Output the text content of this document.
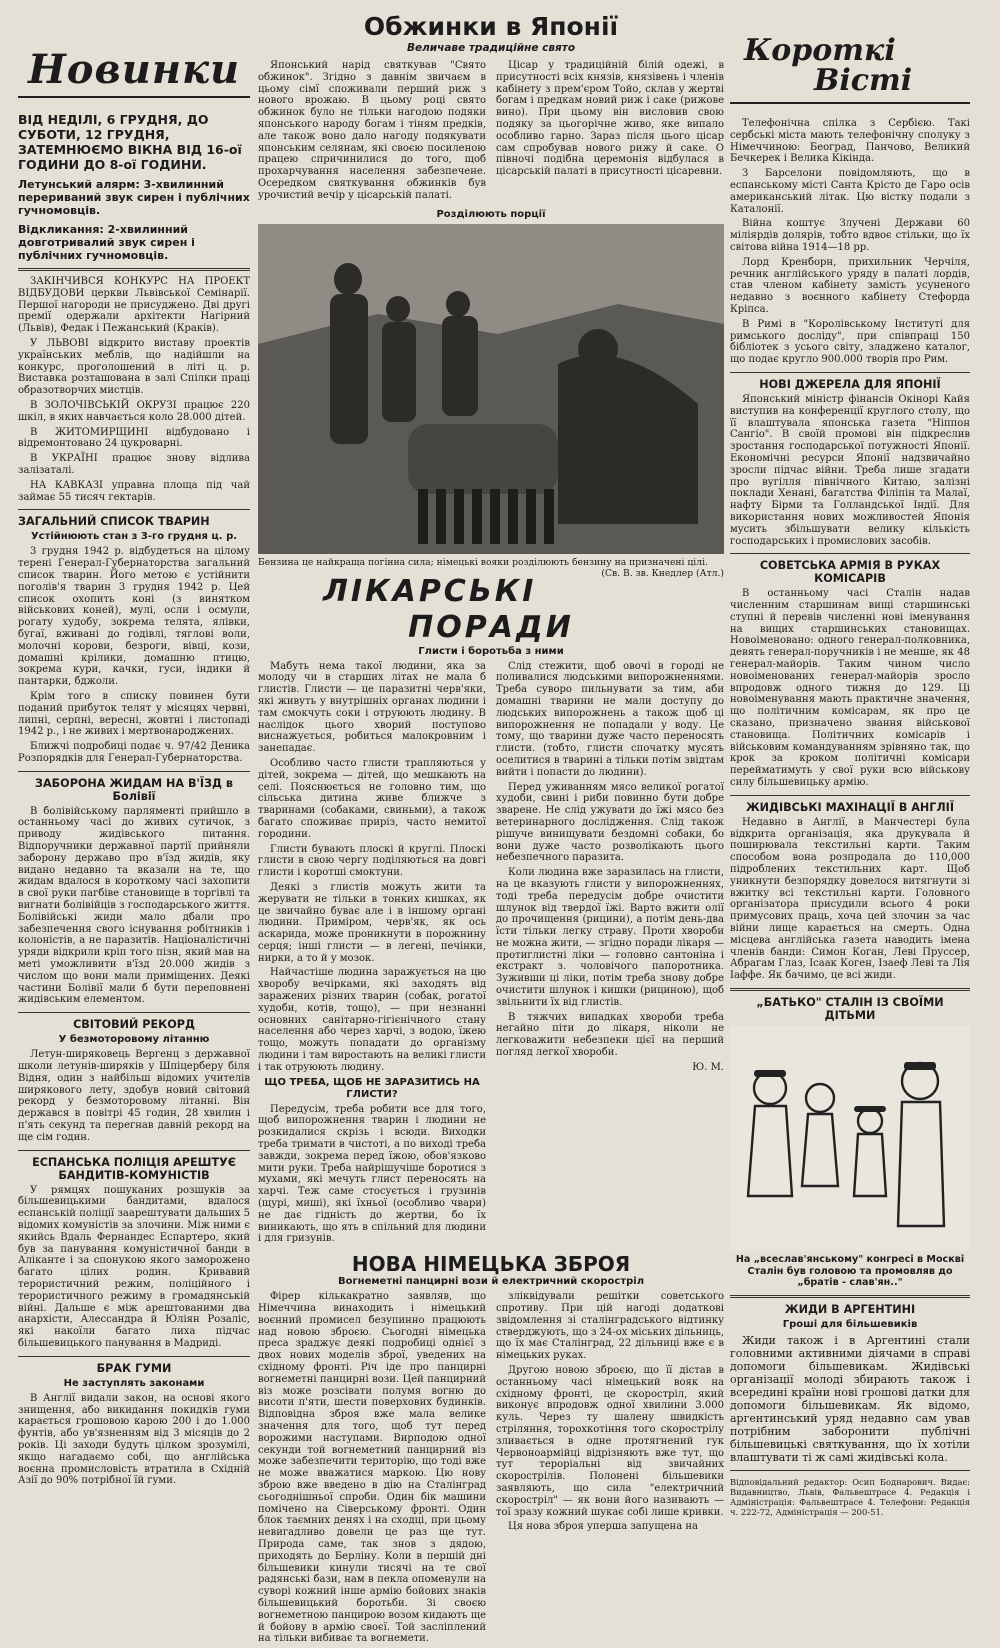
Новинки
ВІД НЕДІЛІ, 6 ГРУДНЯ, ДО СУБОТИ, 12 ГРУДНЯ, ЗАТЕМНЮЄМО ВІКНА ВІД 16-ої ГОДИНИ ДО 8-ої ГОДИНИ.
Летунський алярм: 3-хвилинний перериваний звук сирен і публічних гучномовців.
Відкликання: 2-хвилинний довготривалий звук сирен і публічних гучномовців.

ЗАКІНЧИВСЯ КОНКУРС НА ПРОЕКТ ВІДБУДОВИ церкви Львівської Семінарії. Першої нагороди не присуджено. Дві другі премії одержали архітекти Нагірний (Львів), Федак і Пежанський (Краків).

У ЛЬВОВІ відкрито виставу проектів українських меблів, що надійшли на конкурс, проголошений в літі ц. р. Виставка розташована в залі Спілки праці образотворчих мистців.

В ЗОЛОЧІВСЬКІЙ ОКРУЗІ працює 220 шкіл, в яких навчається коло 28.000 дітей.

В ЖИТОМИРЩИНІ відбудовано і відремонтовано 24 цукроварні.

В УКРАЇНІ працює знову відлива залізаталі.

НА КАВКАЗІ управна площа під чай займає 55 тисяч гектарів.

ЗАГАЛЬНИЙ СПИСОК ТВАРИН
Устійнюють стан з 3-го грудня ц. р.

3 грудня 1942 р. відбудеться на цілому терені Генерал-Губернаторства загальний список тварин. Його метою є устійнити поголів'я тварин 3 грудня 1942 р. Цей список охопить коні (з винятком військових коней), мулі, осли і осмули, рогату худобу, зокрема телята, ялівки, бугаї, вживані до годівлі, тяглові воли, молочні корови, безроги, вівці, кози, домашні крілики, домашню птицю, зокрема кури, качки, гуси, індики й пантарки, бджоли.

Крім того в списку повинен бути поданий прибуток телят у місяцях червні, липні, серпні, вересні, жовтні і листопаді 1942 р., і не живих і мертвонароджених.

Ближчі подробиці подає ч. 97/42 Деника Розпорядків для Генерал-Губернаторства.

ЗАБОРОНА ЖИДАМ НА В'ЇЗД в Болівії

В болівійському парляменті прийшло в останньому часі до живих сутичок, з приводу жидівського питання. Відпоручники державної партії прийняли заборону державо про в'їзд жидів, яку видано недавно та вказали на те, що жидам вдалося в короткому часі захопити в свої руки пагбіве становище в торгівлі та вигнати болівійців з господарського життя. Болівійські жиди мало дбали про забезпечення свого існування робітників і колоністів, а не паразитів. Націоналістичні уряди відкрили кріп того пізн, який мав на меті уможливити в'їзд 20.000 жидів з числом що вони мали приміщених. Деякі частини Болівії мали б бути переповнені жидівським елементом.

СВІТОВИЙ РЕКОРД
У безмоторовому літанню

Летун-шиpяковець Вергенц з державної школи летунів-ширяків у Шпіцерберу біля Відня, один з найбільш відомих учителів ширякового лету, здобув новий світовий рекорд у безмоторовому літанні. Він держався в повітрі 45 годин, 28 хвилин і п'ять секунд та перегнав давній рекорд на ще сім годин.

ЕСПАНСЬКА ПОЛІЦІЯ АРЕШТУЄ БАНДИТІВ-КОМУНІСТІВ

У рямцях пошуканих розшуків за більшевицькими бандитами, вдалося еспанській поліції заарештувати дальших 5 відомих комуністів за злочини. Між ними є якийсь Вдаль Фернандес Еспартеро, який був за панування комуністичної банди в Аліканте і за спонукою якого заморожено багато цілих родин. Кривавий терористичний режим, поліційного і терористичного режиму в громадянській війні. Дальше є між арештованими два анархісти, Алессандра й Юліян Розаліс, які накоїли багато лиха підчас більшевицького панування в Мадриді.

БРАК ГУМИ
Не заступлять законами

В Англії видали закон, на основі якого знищення, або викидання покидків гуми карається грошовою карою 200 і до 1.000 фунтів, або ув'язненням від 3 місяців до 2 років. Ці заходи будуть цілком зрозумілі, якщо нагадаємо собі, що англійська воєнна промисловість втратила в Східній Азії до 90% потрібної їй гуми.

Обжинки в Японії
Величаве традиційне свято

Японський нарід святкував "Свято обжинок". Згідно з давнім звичаєм в цьому сімї споживали перший риж з нового врожаю. В цьому році свято обжинок було не тільки нагодою подяки японського народу богам і тіням предків, але також воно дало нагоду подякувати японським селянам, які своєю посиленою працею спричинилися до того, щоб прохарчування населення забезпечене. Осередком святкування обжинків був урочистий вечір у цісарській палаті.

Цісар у традиційній білій одежі, в присутності всіх князів, князівень і членів кабінету з прем'єром Тойо, склав у жертві богам і предкам новий риж і саке (рижове вино). При цьому він висловив свою подяку за цьогорічне живо, яке випало особливо гарно. Зараз після цього цісар сам спробував нового рижу й саке. О півночі подібна церемонія відбулася в цісарській палаті в присутності цісаревни.

Розділюють порції
Бензина це найкраща погінна сила; німецькі вояки розділюють бензину на призначені цілі.
(Св. В. зв. Кнедлер (Атл.)
ЛІКАРСЬКІ ПОРАДИ
Глисти і боротьба з ними

Мабуть нема такої людини, яка за молоду чи в старших літах не мала б глистів. Глисти — це паразитні черв'яки, які живуть у внутрішніх органах людини і там смокчуть соки і отруюють людину. В наслідок цього хворий поступово виснажується, робиться малокровним і занепадає.

Особливо часто глисти трапляються у дітей, зокрема — дітей, що мешкають на селі. Пояснюється не головно тим, що сільська дитина живе ближче з тваринами (собаками, свиньми), а також багато споживає приріз, часто немитої городини.

Глисти бувають плоскі й круглі. Плоскі глисти в свою чергу поділяються на довгі глисти і коротші смоктуни.

Деякі з глистів можуть жити та жерувати не тільки в тонких кишках, як це звичайно буває але і в іншому органі людини. Приміром, черв'як, як ось аскарида, може проникнути в порожнину серця; інші глисти — в легені, печінки, нирки, а то й у мозок.

Найчастіше людина заражується на цю хворобу вечірками, які заходять від заражених різних тварин (собак, рогатої худоби, котів, тощо), — при незнанні основних санітарно-гігієнічного стану населення або через харчі, з водою, їжею тощо, можуть попадати до організму людини і там виростають на великі глисти і так отруюють людину.

ЩО ТРЕБА, ЩОБ НЕ ЗАРАЗИТИСЬ НА ГЛИСТИ?

Передусім, треба робити все для того, щоб випорожнення тварин і людини не розкидалися скрізь і всюди. Виходки треба тримати в чистоті, а по виході треба завжди, зокрема перед їжою, обов'язково мити руки. Треба найрішучіше боротися з мухами, які мечуть глист переносять на харчі. Теж саме стосується і грузинів (щурі, миші), які їхньої (особливо чвари) не дає гідність до жертви, бо їх виникають, що ять в спільний для людини і для гризунів.

Слід стежити, щоб овочі в городі не поливалися людськими випорожненнями. Треба суворо пильнувати за тим, аби домашні тварини не мали доступу до людських випорожнень а також щоб ці випорожнення не попадали у воду. Це тому, що тварини дуже часто переносять глисти. (тобто, глисти спочатку мусять оселитися в тварині а тільки потім звідтам вийти і попасти до людини).

Перед уживанням мясо великої рогатої худоби, свині і риби повинно бути добре зварене. Не слід ужувати до їжі мясо без ветеринарного дослідження. Слід також рішуче винищувати бездомні собаки, бо вони дуже часто розволікають цього небезпечного паразита.

Коли людина вже заразилась на глисти, на це вказують глисти у випорожненнях, тоді треба передусім добре очистити шлунок від твердої їжі. Варто вжити олії до прочищення (рицини), а потім день-два їсти тільки легку страву. Проти хвороби не можна жити, — згідно поради лікаря — протиглистні ліки — головно сантоніна і екстракт з. чоловічого папоротника. Зуживши ці ліки, потім треба знову добре очистити шлунок і кишки (рициною), щоб звільнити їх від глистів.

В тяжчих випадках хвороби треба негайно піти до лікаря, ніколи не легковажити небезпеки цієї на перший погляд легкої хвороби.

Ю. М.

НОВА НІМЕЦЬКА ЗБРОЯ
Вогнеметні панцирні вози й електричний скорострiл

Фірер кількакратно заявляв, що Німеччина винаходить і німецький воєнний промисел безупинно працюють над новою зброєю. Сьогодні німецька преса зраджує деякі подробиці однієї з двох нових моделів зброї, уведених на східному фронті. Річ іде про панцирні вогнеметні панцирні вози. Цей панцирний віз може розсівати полумя вогню до висоти п'яти, шести поверхових будинків. Відповідна зброя вже мала велике значення для того, щоб тут перед ворожими наступами. Вирподою одної секунди той вогнеметний панцирний віз може забезпечити територію, що тоді вже не може вважатися маркою. Цю нову зброю вже введено в дію на Сталінград сьогоднішньої спроби. Один бік машини помічено на Сіверському фронті. Один блок таємних денях і на сходці, при цьому невигадливо довели це раз ще тут. Природа саме, так знов з дядою, приходять до Берліну. Коли в першій дні більшевики кинули тисячі на те свої радянські бази, нам в пекла опоменули на суворі кожний інше армію бойових знаків більшевицький боротьби. Зі своєю вогнеметною панцирою возом кидають ще й бойову в армію своєї. Той засліплений на тільки вибиває та вогнемети.

зліквідували решітки советського спротиву. При цій нагоді додаткові звідомлення зі сталінградського відтинку стверджують, що з 24-ох міських дільниць, що їх має Сталінград, 22 дільниці вже є в німецьких руках.

Другою новою зброєю, що її дістав в останньому часі німецький вояк на східному фронті, це скоростріл, який виконує впродовж одної хвилини 3.000 куль. Через ту шалену швидкість стріляння, торохкотіння того скорострілу зливається в одне протягнений гук Червоноармійці відрізняють вже тут, що тут тероріальні від звичайних скорострілів. Полонені більшевики заявляють, що сила "електричний скоростріл" — як вони його називають — тої зразу кожний шукає собі лише кривки.

Ця нова зброя уперша запущена на

Короткі
Вісті

Телефонічна спілка з Сербією. Такі сербські міста мають телефонічну сполуку з Німеччиною: Београд, Панчово, Великий Бечкерек і Велика Кікінда.

З Барселони повідомляють, що в еспанському місті Санта Крісто де Гаро осів американський літак. Цю вістку подали з Каталонії.

Війна коштує Злучені Держави 60 міліярдів долярів, тобто вдвоє стільки, що їх світова війна 1914—18 рр.

Лорд Кренборн, прихильник Черчіля, речник англійського уряду в палаті лордів, став членом кабінету замість усуненого недавно з воєнного кабінету Стефорда Кріпса.

В Римі в "Королівському Інституті для римського досліду", при співпраці 150 бібліотек з усього світу, зладжено каталог, що подає кругло 900.000 творів про Рим.

НОВІ ДЖЕРЕЛА ДЛЯ ЯПОНІЇ

Японський міністр фінансів Окінорі Кайя виступив на конференції круглого столу, що її влаштувала японська газета "Ніппон Сангіо". В своїй промові він підкреслив зростання господарської потужності Японії. Економічні ресурси Японії надзвичайно зросли підчас війни. Треба лише згадати про вугілля північного Китаю, залізні поклади Хенані, багатства Філіпін та Малаї, нафту Бірми та Голландської Індії. Для використання нових можливостей Японія мусить збільшувати велику кількість господарських і промислових засобів.

СОВЕТСЬКА АРМІЯ В РУКАХ КОМІСАРІВ

В останньому часі Сталін надав численним старшинам вищі старшинські ступні й перевів численні нові іменування на вищих старшинських становищах. Новоіменовано: одного генерал-полковника, девять генерал-поручників і не менше, як 48 генерал-майорів. Таким чином число новоіменованих генерал-майорів зросло впродовж одного тижня до 129. Ці новоіменування мають практичне значення, що політичним комісарам, як про це сказано, призначено звання військової становища. Політичних комісарів і військовим командуванням зрівняно так, що крок за кроком політичні комісари перейматимуть у свої руки всю військову силу більшевицьку армію.

ЖИДІВСЬКІ МАХІНАЦІЇ В АНГЛІЇ

Недавно в Англії, в Манчестері була відкрита організація, яка друкувала й поширювала текстильні карти. Таким способом вона розпродала до 110,000 підроблених текстильних карт. Щоб уникнути безпорядку довелося витягнути зі вжитку всі текстильні карти. Головного організатора присудили всього 4 роки примусових праць, хоча цей злочин за час війни лище карається на смерть. Одна місцева англійська газета наводить імена членів банди: Симон Коган, Леві Пруссер, Абрагам Глаз, Ісаак Коген, Ізаеф Леві та Лія Іаффе. Як бачимо, це всі жиди.

„БАТЬКО" СТАЛІН ІЗ СВОЇМИ ДІТЬМИ
На „всеслав'янському" конгресі в Москві Сталін був головою та промовляв до „братів - слав'ян.."
ЖИДИ В АРГЕНТИНІ
Гроші для більшевиків

Жиди також і в Аргентині стали головними активними діячами в справі допомоги більшевикам. Жидівські організації молоді збирають також і всередині країни нові грошові датки для допомоги більшевикам. Як відомо, аргентинський уряд недавно сам ував потрібним заборонити публічні більшевицькі святкування, що їх хотіли влаштувати ті ж самі жидівські кола.

Відповідальний редактор: Осип Боднарович. Видає: Видавництво, Львів, Фальвештрасе 4. Редакція і Адміністрація: Фальвештрасе 4. Телефони: Редакція ч. 222-72, Адміністрація — 200-51.
